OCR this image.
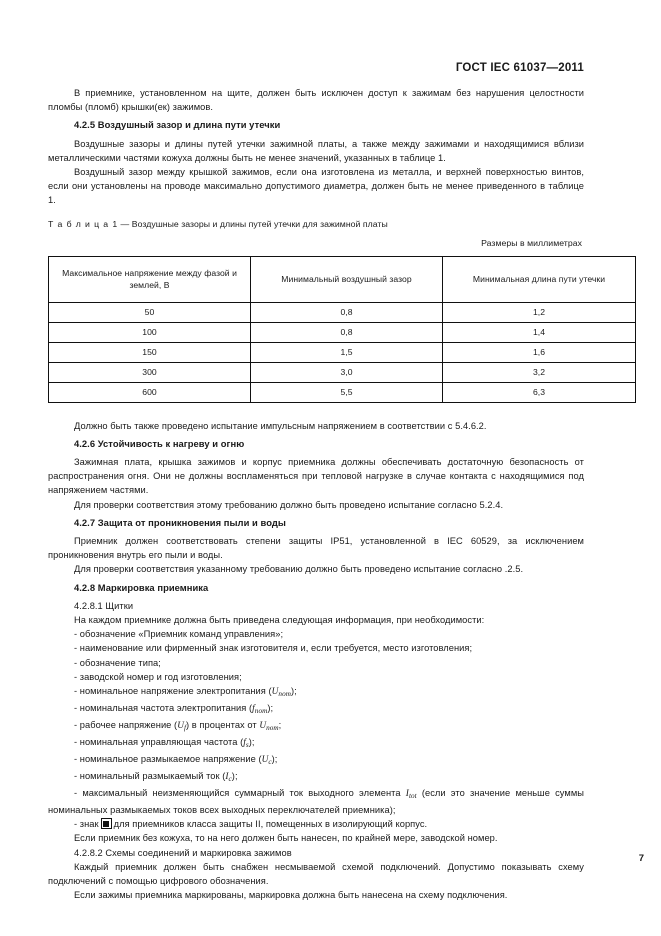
ГОСТ IEC 61037—2011

В приемнике, установленном на щите, должен быть исключен доступ к зажимам без нарушения целостности пломбы (пломб) крышки(ек) зажимов.

4.2.5 Воздушный зазор и длина пути утечки

Воздушные зазоры и длины путей утечки зажимной платы, а также между зажимами и находящимися вблизи металлическими частями кожуха должны быть не менее значений, указанных в таблице 1.

Воздушный зазор между крышкой зажимов, если она изготовлена из металла, и верхней поверхностью винтов, если они установлены на проводе максимально допустимого диаметра, должен быть не менее приведенного в таблице 1.

Т а б л и ц а 1 — Воздушные зазоры и длины путей утечки для зажимной платы

Размеры в миллиметрах

Максимальное напряжение между фазой и землей, В	Минимальный воздушный зазор	Минимальная длина пути утечки
50	0,8	1,2
100	0,8	1,4
150	1,5	1,6
300	3,0	3,2
600	5,5	6,3

Должно быть также проведено испытание импульсным напряжением в соответствии с 5.4.6.2.

4.2.6 Устойчивость к нагреву и огню

Зажимная плата, крышка зажимов и корпус приемника должны обеспечивать достаточную безопасность от распространения огня. Они не должны воспламеняться при тепловой нагрузке в случае контакта с находящимися под напряжением частями.

Для проверки соответствия этому требованию должно быть проведено испытание согласно 5.2.4.

4.2.7 Защита от проникновения пыли и воды

Приемник должен соответствовать степени защиты IP51, установленной в IEC 60529, за исключением проникновения внутрь его пыли и воды.

Для проверки соответствия указанному требованию должно быть проведено испытание согласно .2.5.

4.2.8 Маркировка приемника

4.2.8.1 Щитки

На каждом приемнике должна быть приведена следующая информация, при необходимости:

- обозначение «Приемник команд управления»;

- наименование или фирменный знак изготовителя и, если требуется, место изготовления;

- обозначение типа;

- заводской номер и год изготовления;

- номинальное напряжение электропитания $(U_{nom})$;

- номинальная частота электропитания $(f_{nom})$;

- рабочее напряжение $(U_f)$ в процентах от $U_{nom}$;

- номинальная управляющая частота $(f_s)$;

- номинальное размыкаемое напряжение $(U_c)$;

- номинальный размыкаемый ток $(I_c)$;

- максимальный неизменяющийся суммарный ток выходного элемента $I_{tot}$ (если это значение меньше суммы номинальных размыкаемых токов всех выходных переключателей приемника);

- знак для приемников класса защиты II, помещенных в изолирующий корпус.

Если приемник без кожуха, то на него должен быть нанесен, по крайней мере, заводской номер.

4.2.8.2 Схемы соединений и маркировка зажимов

Каждый приемник должен быть снабжен несмываемой схемой подключений. Допустимо показывать схему подключений с помощью цифрового обозначения.

Если зажимы приемника маркированы, маркировка должна быть нанесена на схему подключения.

7
